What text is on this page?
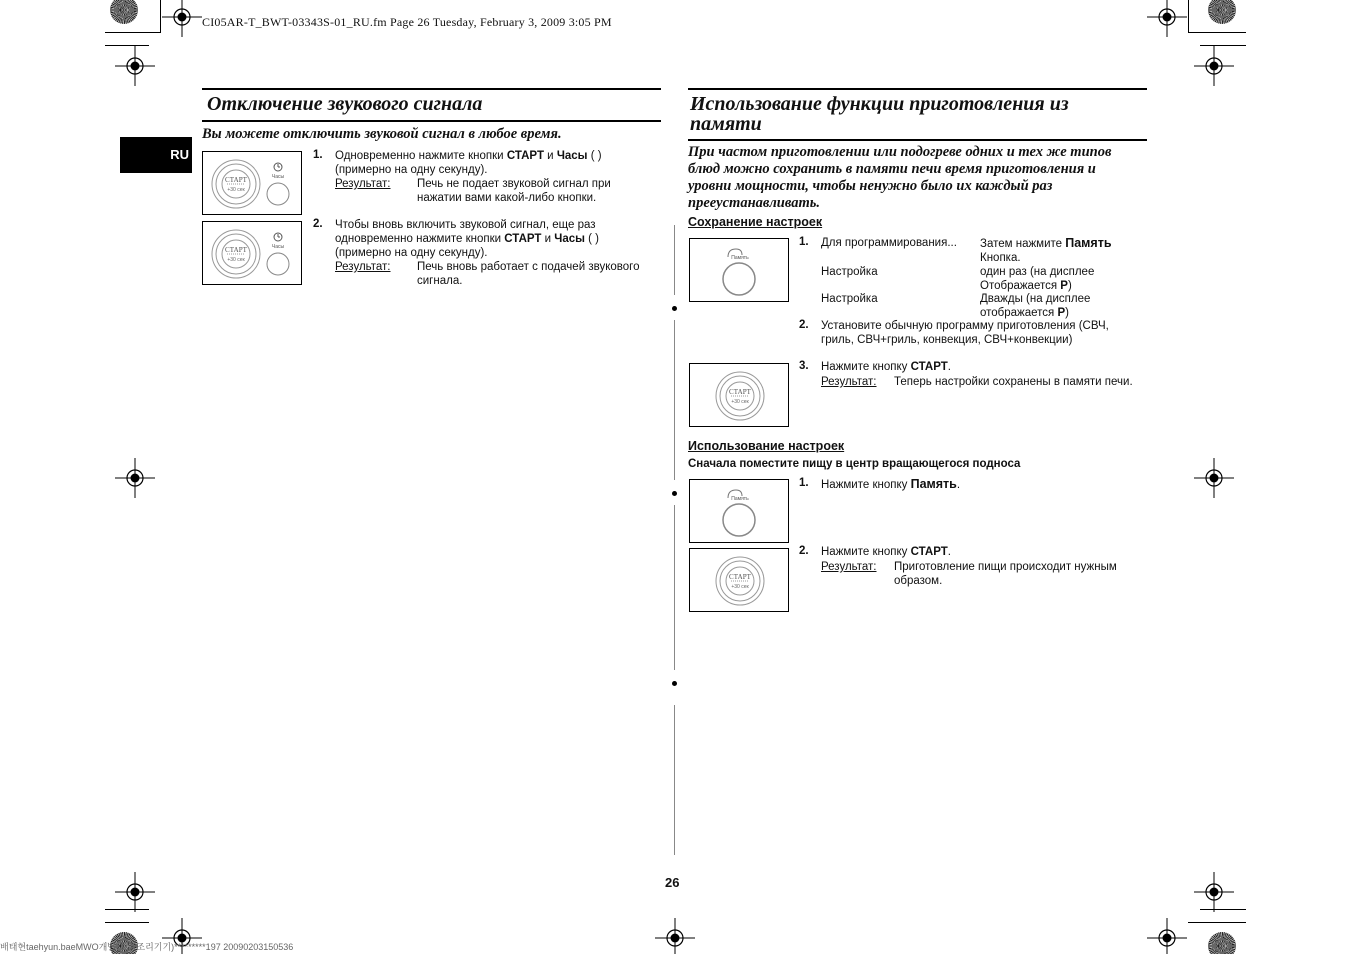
CI05AR-T_BWT-03343S-01_RU.fm Page 26 Tuesday, February 3, 2009 3:05 PM
RU
Отключение звукового сигнала
Вы можете отключить звуковой сигнал в любое время.
СТАРТ
+30 сек
Часы
СТАРТ
+30 сек
Часы
1. Одновременно нажмите кнопки СТАРТ и Часы ( ) (примерно на одну секунду).
Результат: Печь не подает звуковой сигнал при нажатии вами какой-либо кнопки.
2. Чтобы вновь включить звуковой сигнал, еще раз одновременно нажмите кнопки СТАРТ и Часы ( ) (примерно на одну секунду).
Результат: Печь вновь работает с подачей звукового сигнала.
Использование функции приготовления из памяти
При частом приготовлении или подогреве одних и тех же типов блюд можно сохранить в памяти печи время приготовления и уровни мощности, чтобы ненужно было их каждый раз преeустанавливать.
Сохранение настроек
Память
СТАРТ
+30 сек
1. Для программирования... Затем нажмите Память Кнопка.
Настройка	один раз (на дисплее Отображается P)
Настройка	Дважды (на дисплее отображается P)
2. Установите обычную программу приготовления (СВЧ, гриль, СВЧ+гриль, конвекция, СВЧ+конвекции)
3. Нажмите кнопку СТАРТ.
Результат: Теперь настройки сохранены в памяти печи.
Использование настроек
Сначала поместите пищу в центр вращающегося подноса
Память
СТАРТ
+30 сек
1. Нажмите кнопку Память.
2. Нажмите кнопку СТАРТ.
Результат: Приготовление пищи происходит нужным образом.
26
배태현taehyun.baeMWO개발그룹(조리기기)*********197 20090203150536
